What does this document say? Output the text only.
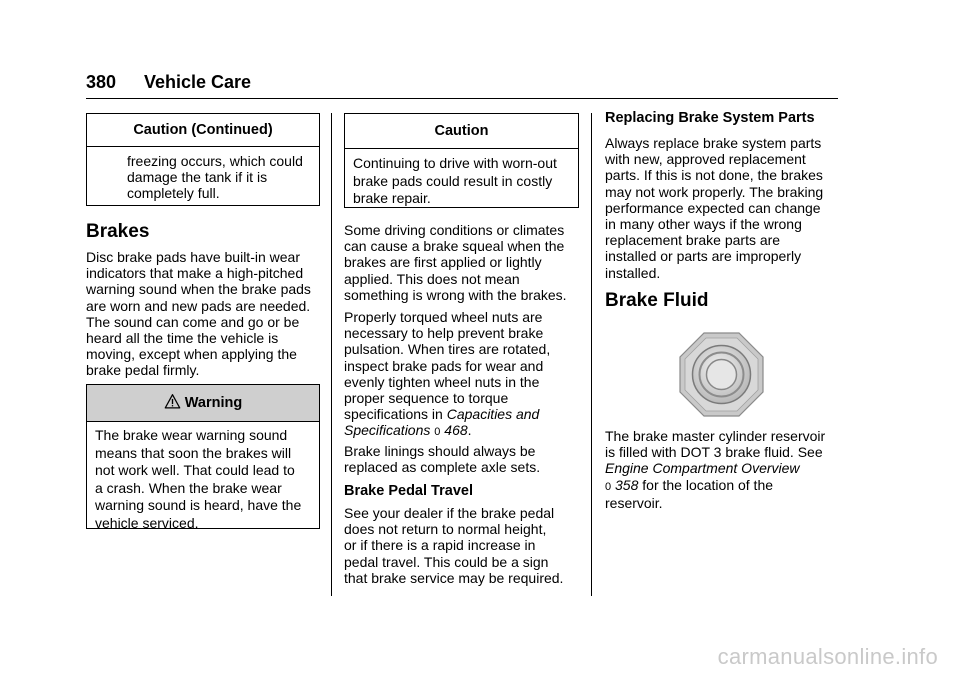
380 Vehicle Care
Caution (Continued)
freezing occurs, which could
damage the tank if it is
completely full.
Brakes

Disc brake pads have built-in wear

indicators that make a high-pitched

warning sound when the brake pads

are worn and new pads are needed.

The sound can come and go or be

heard all the time the vehicle is

moving, except when applying the

brake pedal firmly.

Warning
The brake wear warning sound
means that soon the brakes will
not work well. That could lead to
a crash. When the brake wear
warning sound is heard, have the
vehicle serviced.
Caution
Continuing to drive with worn-out
brake pads could result in costly
brake repair.

Some driving conditions or climates

can cause a brake squeal when the

brakes are first applied or lightly

applied. This does not mean

something is wrong with the brakes.

Properly torqued wheel nuts are

necessary to help prevent brake

pulsation. When tires are rotated,

inspect brake pads for wear and

evenly tighten wheel nuts in the

proper sequence to torque

specifications in Capacities and

Specifications 0 468.

Brake linings should always be

replaced as complete axle sets.

Brake Pedal Travel

See your dealer if the brake pedal

does not return to normal height,

or if there is a rapid increase in

pedal travel. This could be a sign

that brake service may be required.

Replacing Brake System Parts

Always replace brake system parts

with new, approved replacement

parts. If this is not done, the brakes

may not work properly. The braking

performance expected can change

in many other ways if the wrong

replacement brake parts are

installed or parts are improperly

installed.

Brake Fluid

The brake master cylinder reservoir

is filled with DOT 3 brake fluid. See

Engine Compartment Overview

0 358 for the location of the

reservoir.

carmanualsonline.info
